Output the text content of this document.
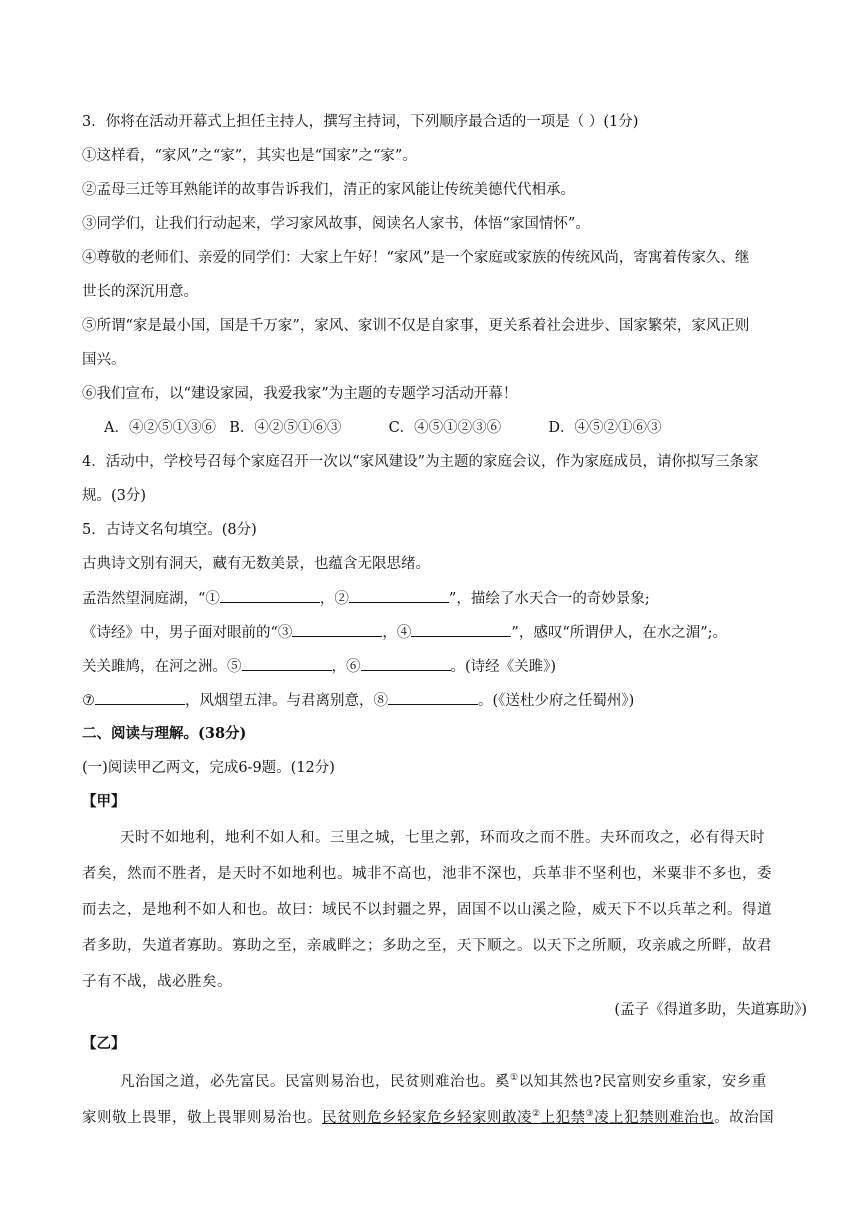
3．你将在活动开幕式上担任主持人，撰写主持词，下列顺序最合适的一项是（ ）(1分)
①这样看，“家风”之“家”，其实也是“国家”之“家”。
②孟母三迁等耳熟能详的故事告诉我们，清正的家风能让传统美德代代相承。
③同学们，让我们行动起来，学习家风故事，阅读名人家书，体悟“家国情怀”。
④尊敬的老师们、亲爱的同学们：大家上午好！“家风”是一个家庭或家族的传统风尚，寄寓着传家久、继
世长的深沉用意。
⑤所谓“家是最小国，国是千万家”，家风、家训不仅是自家事，更关系着社会进步、国家繁荣，家风正则
国兴。
⑥我们宣布，以“建设家园，我爱我家”为主题的专题学习活动开幕！
A．④②⑤①③⑥ B．④②⑤①⑥③	C．④⑤①②③⑥	D．④⑤②①⑥③
4．活动中，学校号召每个家庭召开一次以“家风建设”为主题的家庭会议，作为家庭成员，请你拟写三条家
规。(3分)
5．古诗文名句填空。(8分)
古典诗文别有洞天，藏有无数美景，也蕴含无限思绪。
孟浩然望洞庭湖，“①	，②	”，描绘了水天合一的奇妙景象;
《诗经》中，男子面对眼前的“③	，④	”，感叹“所谓伊人，在水之湄”;。
关关雎鸠，在河之洲。⑤	，⑥	。(诗经《关雎》)
⑦	，风烟望五津。与君离别意，⑧	。(《送杜少府之任蜀州》)
二、阅读与理解。(38分)
(一)阅读甲乙两文，完成6-9题。(12分)
【甲】
天时不如地利，地利不如人和。三里之城，七里之郭，环而攻之而不胜。夫环而攻之，必有得天时
者矣，然而不胜者，是天时不如地利也。城非不高也，池非不深也，兵革非不坚利也，米粟非不多也，委
而去之，是地利不如人和也。故曰：域民不以封疆之界，固国不以山溪之险，威天下不以兵革之利。得道
者多助，失道者寡助。寡助之至，亲戚畔之；多助之至，天下顺之。以天下之所顺，攻亲戚之所畔，故君
子有不战，战必胜矣。
(孟子《得道多助，失道寡助》)
【乙】
凡治国之道，必先富民。民富则易治也，民贫则难治也。奚①以知其然也?民富则安乡重家，安乡重
家则敬上畏罪，敬上畏罪则易治也。民贫则危乡轻家危乡轻家则敢凌②上犯禁③凌上犯禁则难治也。故治国
